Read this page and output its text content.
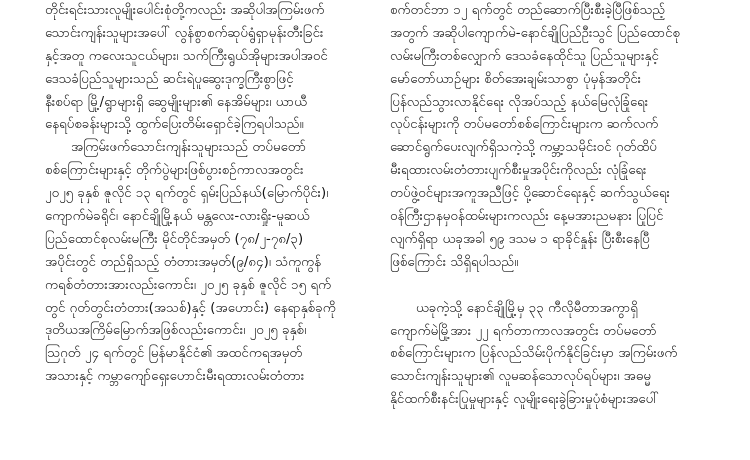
တိုင်းရင်းသားလူမျိုးပေါင်းစုံတို့ကလည်း အဆိုပါအကြမ်းဖက်
သောင်းကျန်းသူများအပေါ် လွန်စွာစက်ဆုပ်ရွံရှာမုန်းတီးခြင်း
နှင့်အတူ ကလေးသူငယ်များ၊ သက်ကြီးရွယ်အိုများအပါအဝင်
ဒေသခံပြည်သူများသည် ဆင်းရဲပူဆွေးဒုက္ခကြီးစွာဖြင့်
နီးစပ်ရာ မြို့/ရွာများရှိ ဆွေမျိုးများ၏ နေအိမ်များ၊ ယာယီ
နေရပ်စခန်းများသို့ ထွက်ပြေးတိမ်းရှောင်ခဲ့ကြရပါသည်။
အကြမ်းဖက်သောင်းကျန်းသူများသည် တပ်မတော်
စစ်ကြောင်းများနှင့် တိုက်ပွဲများဖြစ်ပွားစဉ်ကာလအတွင်း
၂၀၂၅ ခုနှစ် ဇူလိုင် ၁၃ ရက်တွင် ရှမ်းပြည်နယ်(မြောက်ပိုင်း)၊
ကျောက်မဲခရိုင်၊ နောင်ချိုမြို့နယ် မန္တလေး-လားရှိုး-မူဆယ်
ပြည်ထောင်စုလမ်းမကြီး မိုင်တိုင်အမှတ် (၇၈/၂-၇၈/၃)
အပိုင်းတွင် တည်ရှိသည့် တံတားအမှတ်(၉/၈၄)၊ သံကူကွန်
ကရစ်တံတားအားလည်းကောင်း၊ ၂၀၂၅ ခုနှစ် ဇူလိုင် ၁၅ ရက်
တွင် ဂုတ်တွင်းတံတား(အသစ်)နှင့် (အဟောင်း) နေရာနှစ်ခုကို
ဒုတိယအကြိမ်မြောက်အဖြစ်လည်းကောင်း၊ ၂၀၂၅ ခုနှစ်၊
သြဂုတ် ၂၄ ရက်တွင် မြန်မာနိုင်ငံ၏ အထင်ကရအမှတ်
အသားနှင့် ကမ္ဘာကျော်ရှေးဟောင်းမီးရထားလမ်းတံတား
စက်တင်ဘာ ၁၂ ရက်တွင် တည်ဆောက်ပြီးစီးခဲ့ပြီဖြစ်သည့်
အတွက် အဆိုပါကျောက်မဲ-နောင်ချိုပြည်ဦးသွင် ပြည်ထောင်စု
လမ်းမကြီးတစ်လျှောက် ဒေသခံနေထိုင်သူ ပြည်သူများနှင့်
မော်တော်ယာဉ်များ စိတ်အေးချမ်းသာစွာ ပုံမှန်အတိုင်း
ပြန်လည်သွားလာနိုင်ရေး လိုအပ်သည့် နယ်မြေလုံခြုံရေး
လုပ်ငန်းများကို တပ်မတော်စစ်ကြောင်းများက ဆက်လက်
ဆောင်ရွက်ပေးလျက်ရှိသကဲ့သို့ ကမ္ဘာ့သမိုင်းဝင် ဂုတ်ထိပ်
မီးရထားလမ်းတံတားပျက်စီးမှုအပိုင်းကိုလည်း လုံခြုံရေး
တပ်ဖွဲ့ဝင်များအကူအညီဖြင့် ပို့ဆောင်ရေးနှင့် ဆက်သွယ်ရေး
ဝန်ကြီးဌာနမှဝန်ထမ်းများကလည်း နေ့မအားညမနား ပြုပြင်
လျက်ရှိရာ ယခုအခါ ၅၉ ဒသမ ၁ ရာခိုင်နှုန်း ပြီးစီးနေပြီ
ဖြစ်ကြောင်း သိရှိရပါသည်။
ယခုကဲ့သို့ နောင်ချိုမြို့မှ ၃၃ ကီလိုမီတာအကွာရှိ
ကျောက်မဲမြို့အား ၂၂ ရက်တာကာလအတွင်း တပ်မတော်
စစ်ကြောင်းများက ပြန်လည်သိမ်းပိုက်နိုင်ခြင်းမှာ အကြမ်းဖက်
သောင်းကျန်းသူများ၏ လူမဆန်သောလုပ်ရပ်များ၊ အဓမ္မ
နိုင်ထက်စီးနင်းပြုမှုများနှင့် လူမျိုးရေးခွဲခြားမှုပုံစံများအပေါ်
